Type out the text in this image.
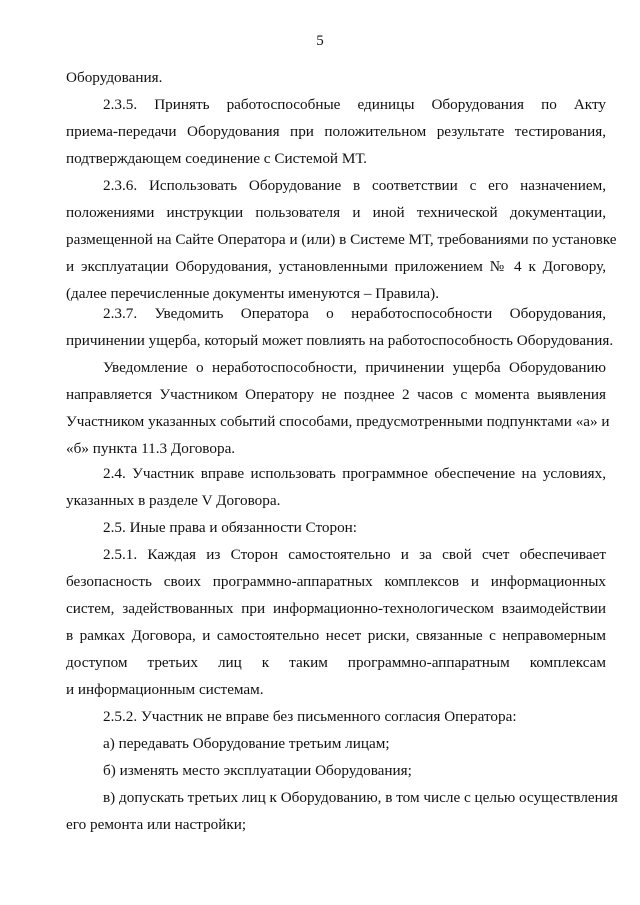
5
Оборудования.
2.3.5. Принять работоспособные единицы Оборудования по Акту
приема-передачи Оборудования при положительном результате тестирования,
подтверждающем соединение с Системой МТ.
2.3.6. Использовать Оборудование в соответствии с его назначением,
положениями инструкции пользователя и иной технической документации,
размещенной на Сайте Оператора и (или) в Системе МТ, требованиями по установке
и эксплуатации Оборудования, установленными приложением № 4 к Договору,
(далее перечисленные документы именуются – Правила).
2.3.7. Уведомить Оператора о неработоспособности Оборудования,
причинении ущерба, который может повлиять на работоспособность Оборудования.
Уведомление о неработоспособности, причинении ущерба Оборудованию
направляется Участником Оператору не позднее 2 часов с момента выявления
Участником указанных событий способами, предусмотренными подпунктами «а» и
«б» пункта 11.3 Договора.
2.4. Участник вправе использовать программное обеспечение на условиях,
указанных в разделе V Договора.
2.5. Иные права и обязанности Сторон:
2.5.1. Каждая из Сторон самостоятельно и за свой счет обеспечивает
безопасность своих программно-аппаратных комплексов и информационных
систем, задействованных при информационно-технологическом взаимодействии
в рамках Договора, и самостоятельно несет риски, связанные с неправомерным
доступом третьих лиц к таким программно-аппаратным комплексам
и информационным системам.
2.5.2. Участник не вправе без письменного согласия Оператора:
а) передавать Оборудование третьим лицам;
б) изменять место эксплуатации Оборудования;
в) допускать третьих лиц к Оборудованию, в том числе с целью осуществления
его ремонта или настройки;
